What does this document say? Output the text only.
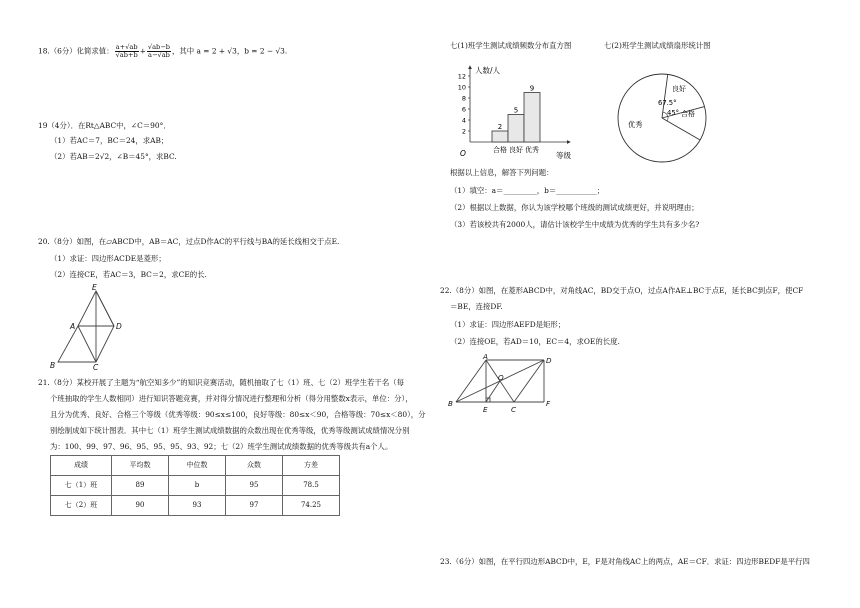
18.（6分）化简求值： $\frac{a+√ab}{√ab+b} + \frac{√ab-b}{a-√ab}$ ，其中 a = 2 + √3，b = 2 − √3.
19（4分）．在Rt△ABC中，∠C＝90°．
（1）若AC＝7，BC＝24，求AB；
（2）若AB＝2√2，∠B＝45°，求BC.
20.（8分）如图，在▱ABCD中，AB＝AC，过点D作AC的平行线与BA的延长线相交于点E.
（1）求证：四边形ACDE是菱形；
（2）连接CE，若AC＝3，BC＝2，求CE的长.
E
A	D
B	C
21.（8分）某校开展了主题为“航空知多少”的知识竞赛活动，随机抽取了七（1）班、七（2）班学生若干名（每
个班抽取的学生人数相同）进行知识答题竞赛，并对得分情况进行整理和分析（得分用整数x表示，单位：分），
且分为优秀、良好、合格三个等级（优秀等级：90≤x≤100，良好等级：80≤x＜90，合格等级：70≤x＜80），分
别绘制成如下统计图表．其中七（1）班学生测试成绩数据的众数出现在优秀等级，优秀等级测试成绩情况分别
为：100、99、97、96、95、95、95、93、92；七（2）班学生测试成绩数据的优秀等级共有a个人。
成绩	平均数	中位数	众数	方差
七（1）班	89	b	95	78.5
七（2）班	90	93	97	74.25
七(1)班学生测试成绩频数分布直方图	七(2)班学生测试成绩扇形统计图
2
4
6
8
10
12
2
合格
5
良好
9
优秀
人数/人
等级
O
良好
67.5°
45° 合格
优秀
根据以上信息，解答下列问题：
（1）填空：a＝_________，b＝___________；
（2）根据以上数据，你认为该学校哪个班级的测试成绩更好，并说明理由；
（3）若该校共有2000人，请估计该校学生中成绩为优秀的学生共有多少名?
22.（8分）如图，在菱形ABCD中，对角线AC，BD交于点O，过点A作AE⊥BC于点E，延长BC到点F，使CF
＝BE，连接DF.
（1）求证：四边形AEFD是矩形；
（2）连接OE，若AD＝10，EC＝4，求OE的长度.
A	D
O
B
E	C
F
23.（6分）如图，在平行四边形ABCD中，E，F是对角线AC上的两点，AE＝CF．求证：四边形BEDF是平行四
